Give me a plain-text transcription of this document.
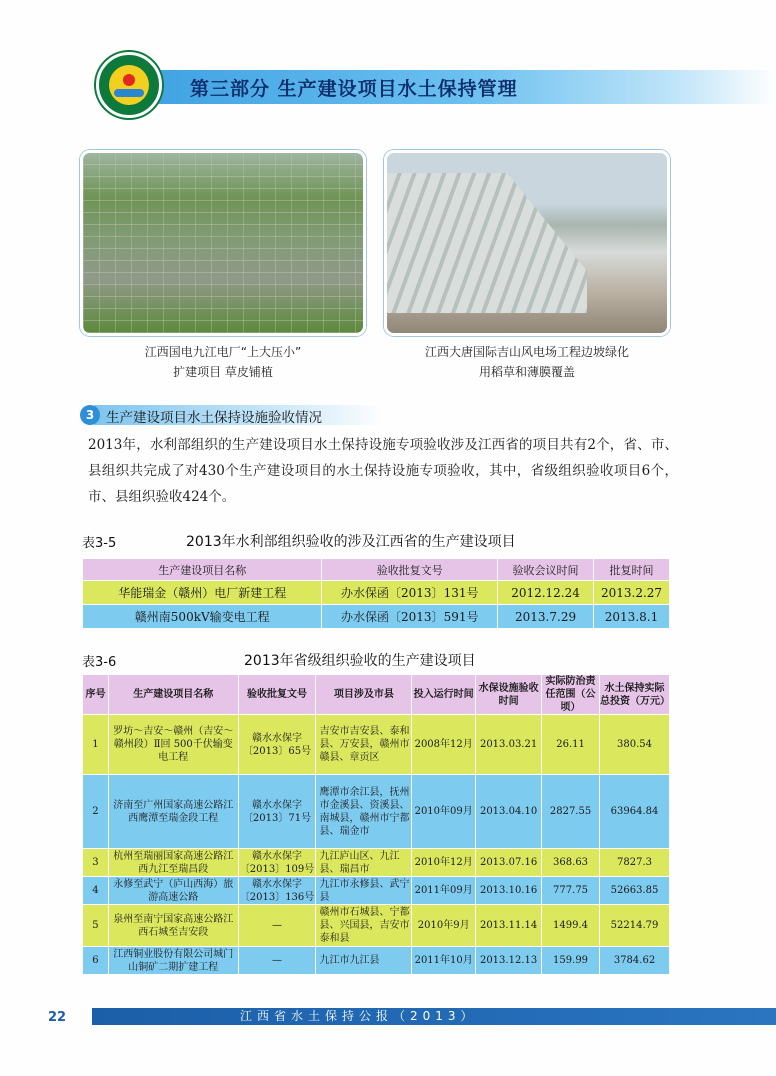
第三部分 生产建设项目水土保持管理
江西国电九江电厂“上大压小”
扩建项目 草皮铺植
江西大唐国际吉山风电场工程边坡绿化
用稻草和薄膜覆盖
3 生产建设项目水土保持设施验收情况
2013年，水利部组织的生产建设项目水土保持设施专项验收涉及江西省的项目共有2个，省、市、县组织共完成了对430个生产建设项目的水土保持设施专项验收，其中，省级组织验收项目6个，市、县组织验收424个。
表3-5	2013年水利部组织验收的涉及江西省的生产建设项目
生产建设项目名称	验收批复文号	验收会议时间	批复时间
华能瑞金（赣州）电厂新建工程	办水保函〔2013〕131号	2012.12.24	2013.2.27
赣州南500kV输变电工程	办水保函〔2013〕591号	2013.7.29	2013.8.1
表3-6	2013年省级组织验收的生产建设项目
序号	生产建设项目名称	验收批复文号	项目涉及市县	投入运行时间	水保设施验收时间	实际防治责任范围（公顷）	水土保持实际总投资（万元）
1	罗坊～吉安～赣州（吉安～赣州段）Ⅱ回 500千伏输变电工程	赣水水保字〔2013〕65号	吉安市吉安县、泰和县、万安县，赣州市赣县、章贡区	2008年12月	2013.03.21	26.11	380.54
2	济南至广州国家高速公路江西鹰潭至瑞金段工程	赣水水保字〔2013〕71号	鹰潭市余江县，抚州市金溪县、资溪县、南城县，赣州市宁都县、瑞金市	2010年09月	2013.04.10	2827.55	63964.84
3	杭州至瑞丽国家高速公路江西九江至瑞昌段	赣水水保字〔2013〕109号	九江庐山区、九江县、瑞昌市	2010年12月	2013.07.16	368.63	7827.3
4	永修至武宁（庐山西海）旅游高速公路	赣水水保字〔2013〕136号	九江市永修县、武宁县	2011年09月	2013.10.16	777.75	52663.85
5	泉州至南宁国家高速公路江西石城至吉安段	—	赣州市石城县、宁都县、兴国县，吉安市泰和县	2010年9月	2013.11.14	1499.4	52214.79
6	江西铜业股份有限公司城门山铜矿二期扩建工程	—	九江市九江县	2011年10月	2013.12.13	159.99	3784.62
22	江西省水土保持公报（2013）
